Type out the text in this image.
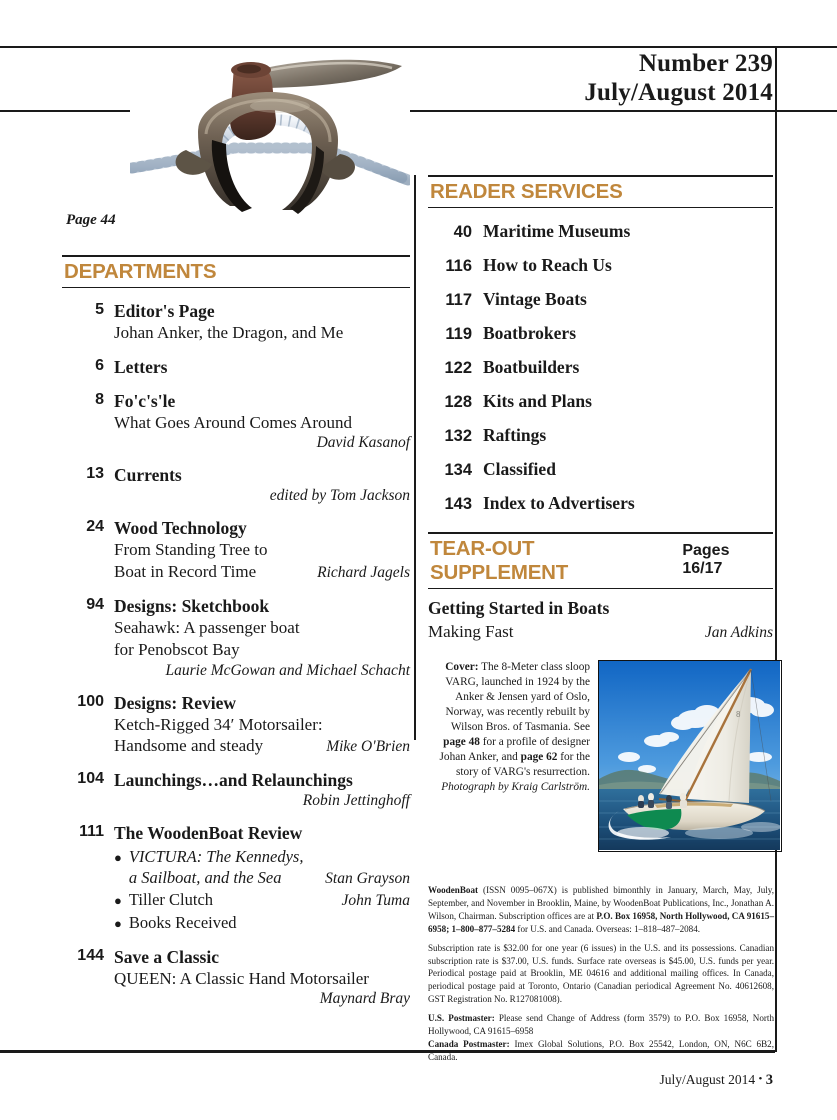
Number 239
July/August 2014
Page 44
DEPARTMENTS
5 Editor's Page
Johan Anker, the Dragon, and Me
6 Letters
8 Fo'c's'le
What Goes Around Comes Around
David Kasanof
13 Currents
edited by Tom Jackson
24 Wood Technology
From Standing Tree to
Boat in Record Time	Richard Jagels
94 Designs: Sketchbook
Seahawk: A passenger boat
for Penobscot Bay
Laurie McGowan and Michael Schacht
100 Designs: Review
Ketch-Rigged 34′ Motorsailer:
Handsome and steady	Mike O'Brien
104 Launchings…and Relaunchings
Robin Jettinghoff
111 The WoodenBoat Review
● VICTURA: The Kennedys,

a Sailboat, and the Sea	Stan Grayson
● Tiller Clutch	John Tuma
● Books Received
144 Save a Classic
QUEEN: A Classic Hand Motorsailer
Maynard Bray
READER SERVICES
40 Maritime Museums
116 How to Reach Us
117 Vintage Boats
119 Boatbrokers
122 Boatbuilders
128 Kits and Plans
132 Raftings
134 Classified
143 Index to Advertisers
TEAR-OUT SUPPLEMENT
Pages 16/17
Getting Started in Boats
Making Fast	Jan Adkins
Cover: The 8-Meter class sloop VARG, launched in 1924 by the Anker & Jensen yard of Oslo, Norway, was recently rebuilt by Wilson Bros. of Tasmania. See page 48 for a profile of designer Johan Anker, and page 62 for the story of VARG's resurrection. Photograph by Kraig Carlström.
8

WoodenBoat (ISSN 0095–067X) is published bimonthly in January, March, May, July, September, and November in Brooklin, Maine, by WoodenBoat Publications, Inc., Jonathan A. Wilson, Chairman. Subscription offices are at P.O. Box 16958, North Hollywood, CA 91615–6958; 1–800–877–5284 for U.S. and Canada. Overseas: 1–818–487–2084.

Subscription rate is $32.00 for one year (6 issues) in the U.S. and its possessions. Canadian subscription rate is $37.00, U.S. funds. Surface rate overseas is $45.00, U.S. funds per year. Periodical postage paid at Brooklin, ME 04616 and additional mailing offices. In Canada, periodical postage paid at Toronto, Ontario (Canadian periodical Agreement No. 40612608, GST Registration No. R127081008).

U.S. Postmaster: Please send Change of Address (form 3579) to P.O. Box 16958, North Hollywood, CA 91615–6958
Canada Postmaster: Imex Global Solutions, P.O. Box 25542, London, ON, N6C 6B2, Canada.

July/August 2014 • 3
